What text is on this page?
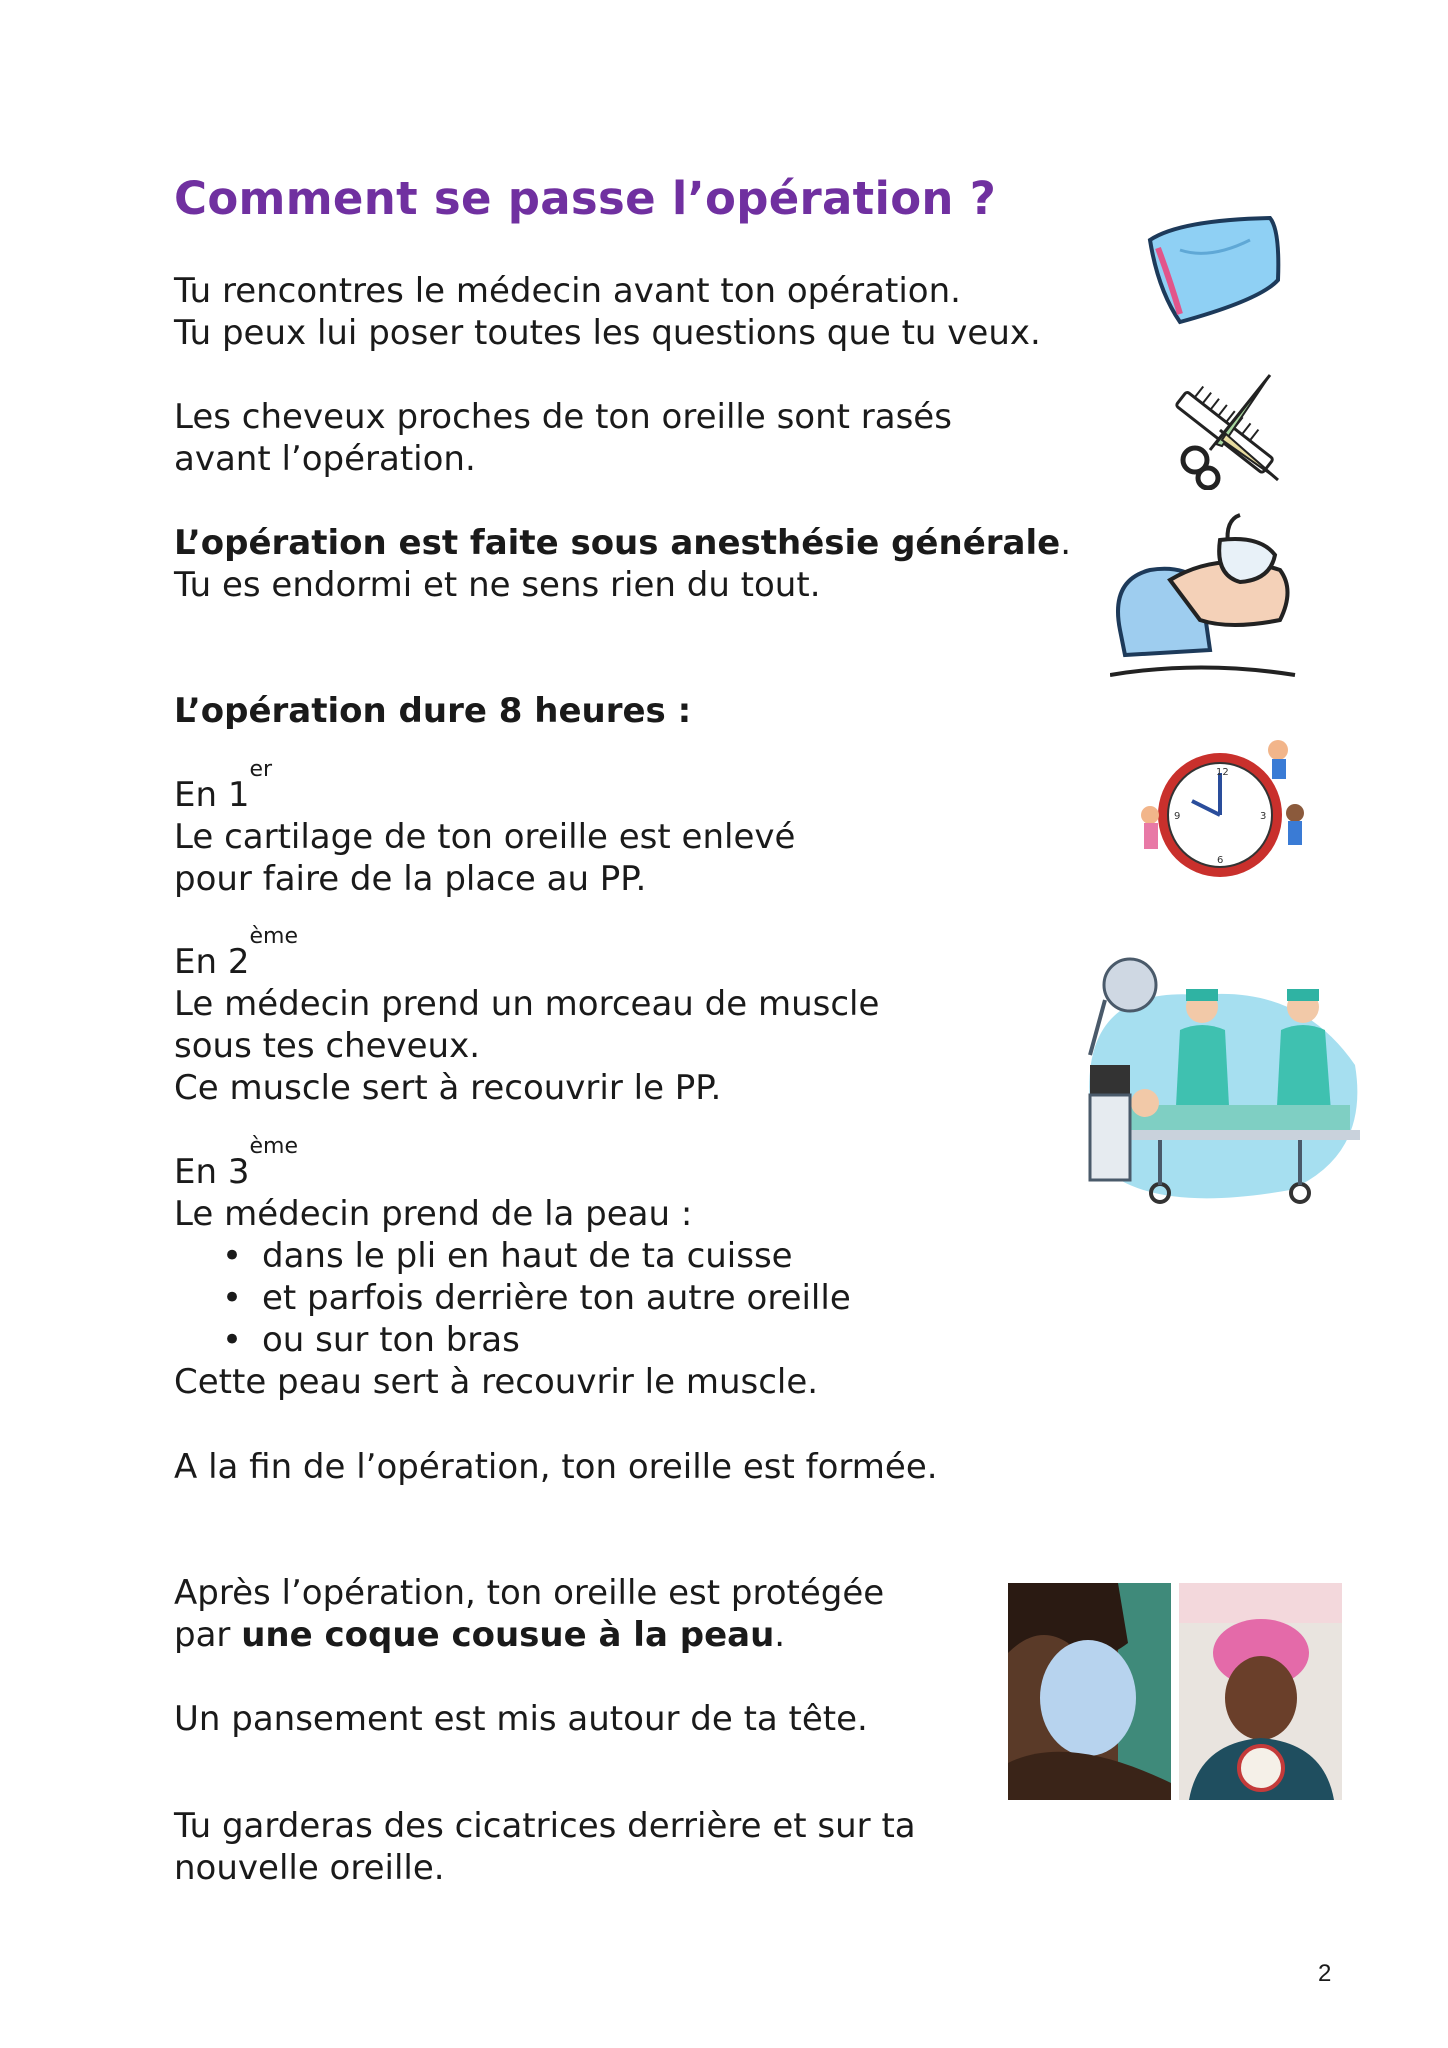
Comment se passe l’opération ?
Tu rencontres le médecin avant ton opération.
Tu peux lui poser toutes les questions que tu veux.
Les cheveux proches de ton oreille sont rasés
avant l’opération.
L’opération est faite sous anesthésie générale.
Tu es endormi et ne sens rien du tout.
L’opération dure 8 heures :
En 1er
Le cartilage de ton oreille est enlevé
pour faire de la place au PP.
En 2ème
Le médecin prend un morceau de muscle
sous tes cheveux.
Ce muscle sert à recouvrir le PP.
En 3ème
Le médecin prend de la peau :
• dans le pli en haut de ta cuisse
• et parfois derrière ton autre oreille
• ou sur ton bras
Cette peau sert à recouvrir le muscle.
A la fin de l’opération, ton oreille est formée.
Après l’opération, ton oreille est protégée
par une coque cousue à la peau.
Un pansement est mis autour de ta tête.
Tu garderas des cicatrices derrière et sur ta
nouvelle oreille.
2
12
3
6
9
